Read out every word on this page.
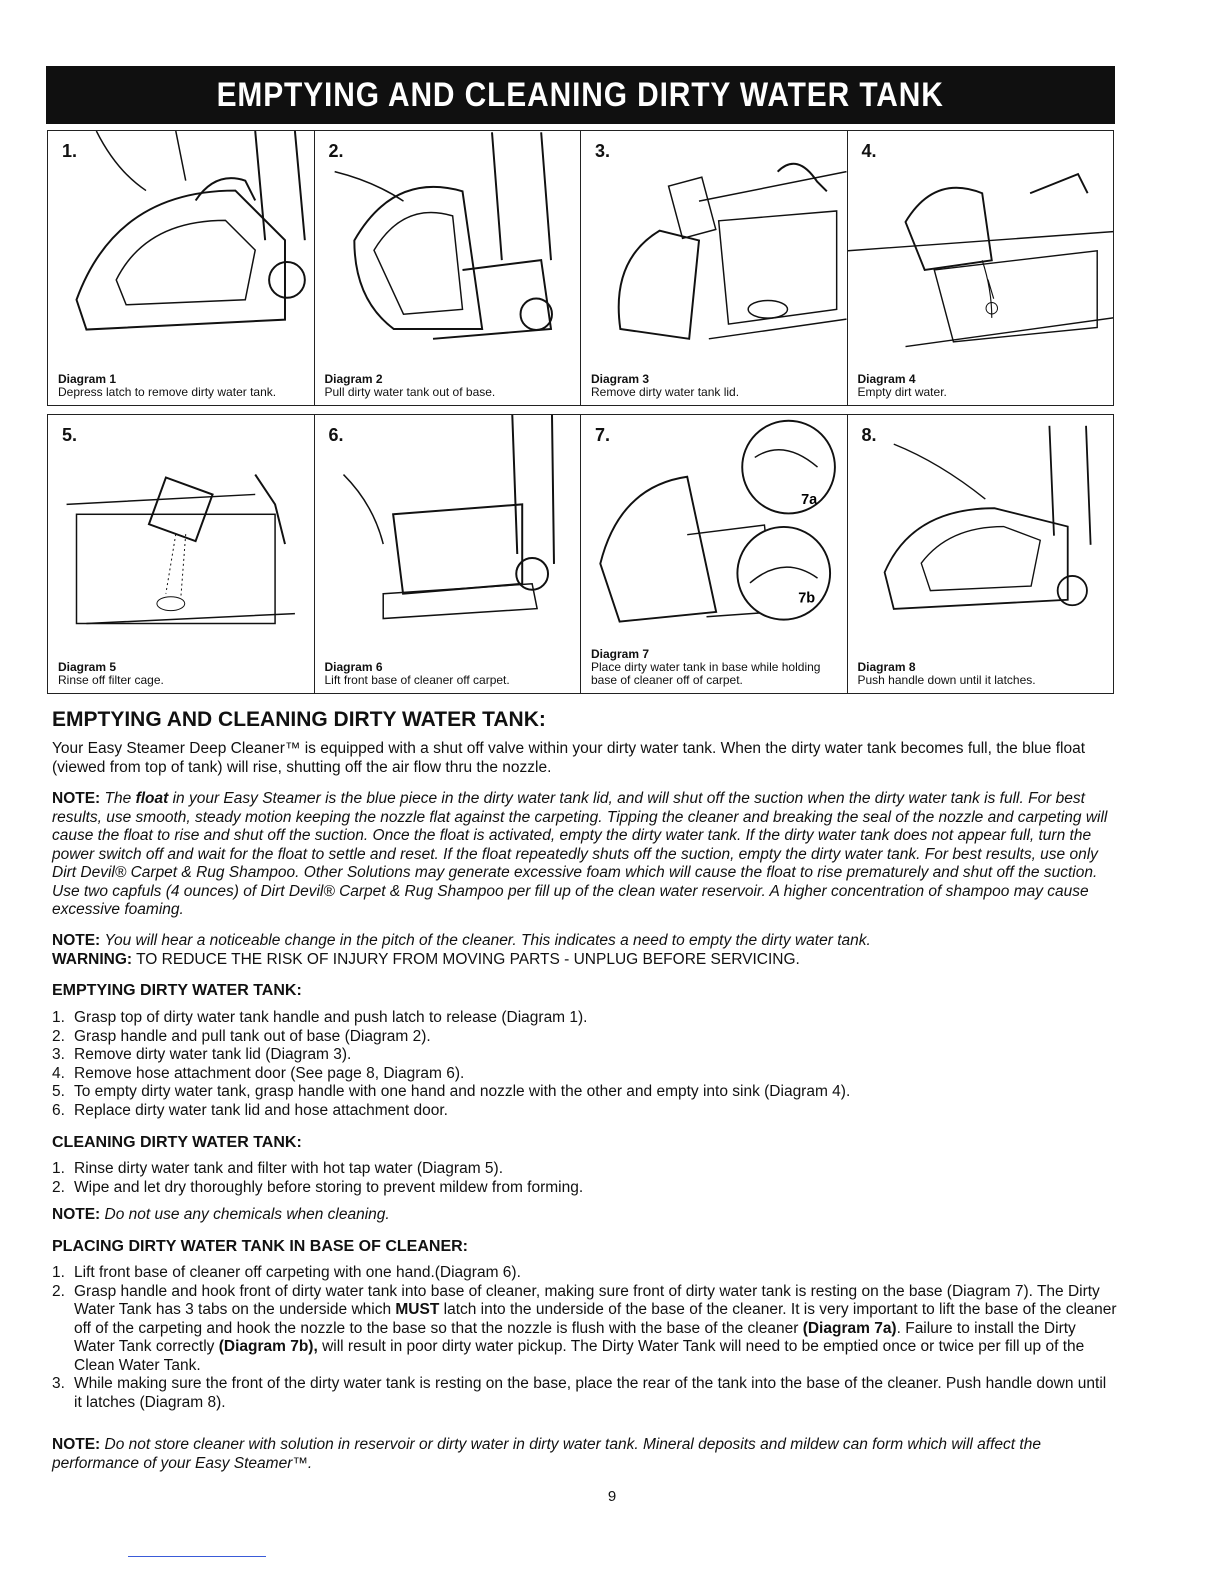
EMPTYING AND CLEANING DIRTY WATER TANK
1.
Diagram 1
Depress latch to remove dirty water tank.
2.
Diagram 2
Pull dirty water tank out of base.
3.
Diagram 3
Remove dirty water tank lid.
4.
Diagram 4
Empty dirt water.
5.
Diagram 5
Rinse off filter cage.
6.
Diagram 6
Lift front base of cleaner off carpet.
7a
7b
7.
Diagram 7
Place dirty water tank in base while holding base of cleaner off of carpet.
8.
Diagram 8
Push handle down until it latches.
EMPTYING AND CLEANING DIRTY WATER TANK:

Your Easy Steamer Deep Cleaner™ is equipped with a shut off valve within your dirty water tank. When the dirty water tank becomes full, the blue float (viewed from top of tank) will rise, shutting off the air flow thru the nozzle.

NOTE: The float in your Easy Steamer is the blue piece in the dirty water tank lid, and will shut off the suction when the dirty water tank is full. For best results, use smooth, steady motion keeping the nozzle flat against the carpeting. Tipping the cleaner and breaking the seal of the nozzle and carpeting will cause the float to rise and shut off the suction. Once the float is activated, empty the dirty water tank. If the dirty water tank does not appear full, turn the power switch off and wait for the float to settle and reset. If the float repeatedly shuts off the suction, empty the dirty water tank. For best results, use only Dirt Devil® Carpet & Rug Shampoo. Other Solutions may generate excessive foam which will cause the float to rise prematurely and shut off the suction. Use two capfuls (4 ounces) of Dirt Devil® Carpet & Rug Shampoo per fill up of the clean water reservoir. A higher concentration of shampoo may cause excessive foaming.

NOTE: You will hear a noticeable change in the pitch of the cleaner. This indicates a need to empty the dirty water tank.

WARNING: TO REDUCE THE RISK OF INJURY FROM MOVING PARTS - UNPLUG BEFORE SERVICING.

EMPTYING DIRTY WATER TANK:
1. Grasp top of dirty water tank handle and push latch to release (Diagram 1).
2. Grasp handle and pull tank out of base (Diagram 2).
3. Remove dirty water tank lid (Diagram 3).
4. Remove hose attachment door (See page 8, Diagram 6).
5. To empty dirty water tank, grasp handle with one hand and nozzle with the other and empty into sink (Diagram 4).
6. Replace dirty water tank lid and hose attachment door.
CLEANING DIRTY WATER TANK:
1. Rinse dirty water tank and filter with hot tap water (Diagram 5).
2. Wipe and let dry thoroughly before storing to prevent mildew from forming.

NOTE: Do not use any chemicals when cleaning.

PLACING DIRTY WATER TANK IN BASE OF CLEANER:
1. Lift front base of cleaner off carpeting with one hand.(Diagram 6).
2. Grasp handle and hook front of dirty water tank into base of cleaner, making sure front of dirty water tank is resting on the base (Diagram 7). The Dirty Water Tank has 3 tabs on the underside which MUST latch into the underside of the base of the cleaner. It is very important to lift the base of the cleaner off of the carpeting and hook the nozzle to the base so that the nozzle is flush with the base of the cleaner (Diagram 7a). Failure to install the Dirty Water Tank correctly (Diagram 7b), will result in poor dirty water pickup. The Dirty Water Tank will need to be emptied once or twice per fill up of the Clean Water Tank.
3. While making sure the front of the dirty water tank is resting on the base, place the rear of the tank into the base of the cleaner. Push handle down until it latches (Diagram 8).

NOTE: Do not store cleaner with solution in reservoir or dirty water in dirty water tank. Mineral deposits and mildew can form which will affect the performance of your Easy Steamer™.

9
